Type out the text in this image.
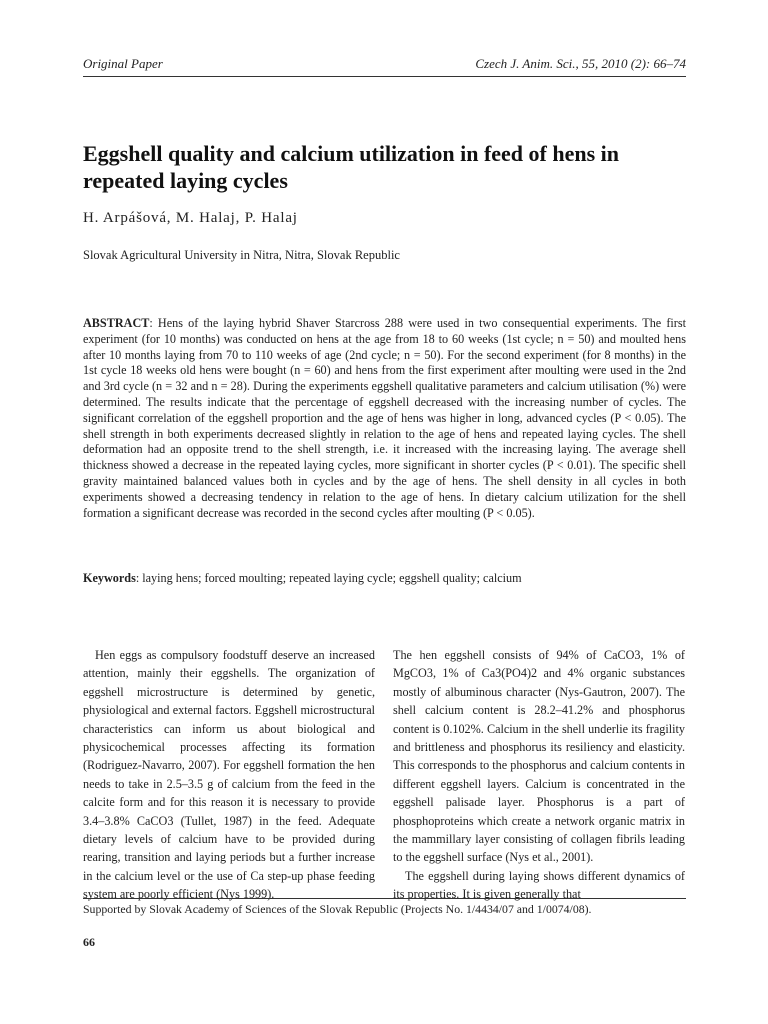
Original Paper	Czech J. Anim. Sci., 55, 2010 (2): 66–74
Eggshell quality and calcium utilization in feed of hens in repeated laying cycles
H. Arpášová, M. Halaj, P. Halaj
Slovak Agricultural University in Nitra, Nitra, Slovak Republic
ABSTRACT: Hens of the laying hybrid Shaver Starcross 288 were used in two consequential experiments. The first experiment (for 10 months) was conducted on hens at the age from 18 to 60 weeks (1st cycle; n = 50) and moulted hens after 10 months laying from 70 to 110 weeks of age (2nd cycle; n = 50). For the second experiment (for 8 months) in the 1st cycle 18 weeks old hens were bought (n = 60) and hens from the first experiment after moulting were used in the 2nd and 3rd cycle (n = 32 and n = 28). During the experiments eggshell qualitative parameters and calcium utilisation (%) were determined. The results indicate that the percentage of eggshell decreased with the increasing number of cycles. The significant correlation of the eggshell proportion and the age of hens was higher in long, advanced cycles (P < 0.05). The shell strength in both experiments decreased slightly in relation to the age of hens and repeated laying cycles. The shell deformation had an opposite trend to the shell strength, i.e. it increased with the increasing laying. The average shell thickness showed a decrease in the repeated laying cycles, more significant in shorter cycles (P < 0.01). The specific shell gravity maintained balanced values both in cycles and by the age of hens. The shell density in all cycles in both experiments showed a decreasing tendency in relation to the age of hens. In dietary calcium utilization for the shell formation a significant decrease was recorded in the second cycles after moulting (P < 0.05).
Keywords: laying hens; forced moulting; repeated laying cycle; eggshell quality; calcium

Hen eggs as compulsory foodstuff deserve an increased attention, mainly their eggshells. The organization of eggshell microstructure is determined by genetic, physiological and external factors. Eggshell microstructural characteristics can inform us about biological and physicochemical processes affecting its formation (Rodriguez-Navarro, 2007). For eggshell formation the hen needs to take in 2.5–3.5 g of calcium from the feed in the calcite form and for this reason it is necessary to provide 3.4–3.8% CaCO3 (Tullet, 1987) in the feed. Adequate dietary levels of calcium have to be provided during rearing, transition and laying periods but a further increase in the calcium level or the use of Ca step-up phase feeding system are poorly efficient (Nys 1999).

The hen eggshell consists of 94% of CaCO3, 1% of MgCO3, 1% of Ca3(PO4)2 and 4% organic substances mostly of albuminous character (Nys-Gautron, 2007). The shell calcium content is 28.2–41.2% and phosphorus content is 0.102%. Calcium in the shell underlie its fragility and brittleness and phosphorus its resiliency and elasticity. This corresponds to the phosphorus and calcium contents in different eggshell layers. Calcium is concentrated in the eggshell palisade layer. Phosphorus is a part of phosphoproteins which create a network organic matrix in the mammillary layer consisting of collagen fibrils leading to the eggshell surface (Nys et al., 2001).

The eggshell during laying shows different dynamics of its properties. It is given generally that

Supported by Slovak Academy of Sciences of the Slovak Republic (Projects No. 1/4434/07 and 1/0074/08).
66
